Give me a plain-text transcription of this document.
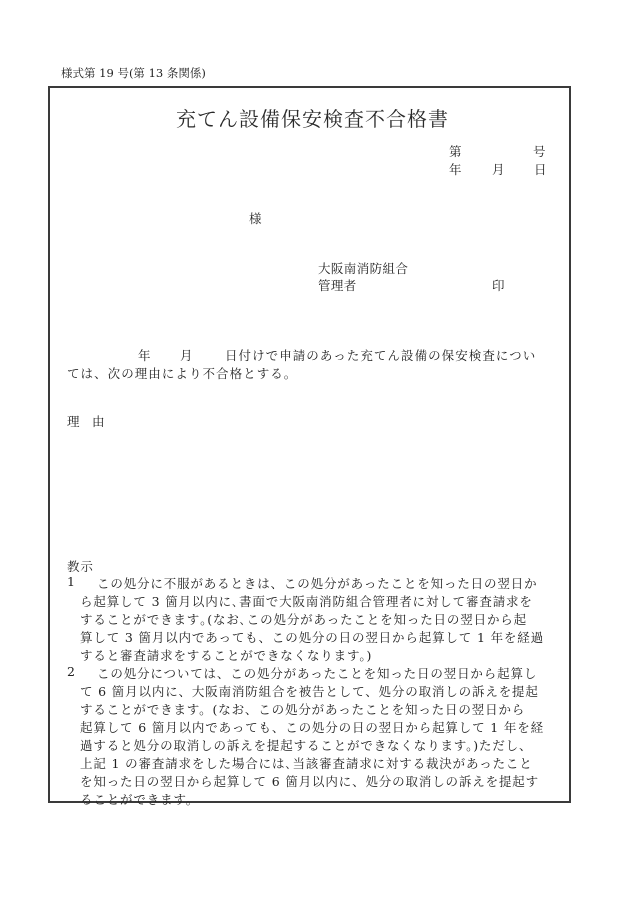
様式第 19 号(第 13 条関係)
充てん設備保安検査不合格書
第	号
年 月 日
様
大阪南消防組合
管理者	印
年 月	日付けで申請のあった充てん設備の保安検査につい
ては、次の理由により不合格とする。
理　由
教示
1 この処分に不服があるときは、この処分があったことを知った日の翌日か
ら起算して 3 箇月以内に､書面で大阪南消防組合管理者に対して審査請求を
することができます｡(なお､この処分があったことを知った日の翌日から起
算して 3 箇月以内であっても、この処分の日の翌日から起算して 1 年を経過
すると審査請求をすることができなくなります。)
2 この処分については、この処分があったことを知った日の翌日から起算し
て 6 箇月以内に、大阪南消防組合を被告として、処分の取消しの訴えを提起
することができます。(なお、この処分があったことを知った日の翌日から
起算して 6 箇月以内であっても、この処分の日の翌日から起算して 1 年を経
過すると処分の取消しの訴えを提起することができなくなります。)ただし、
上記 1 の審査請求をした場合には､当該審査請求に対する裁決があったこと
を知った日の翌日から起算して 6 箇月以内に、処分の取消しの訴えを提起す
ることができます。
